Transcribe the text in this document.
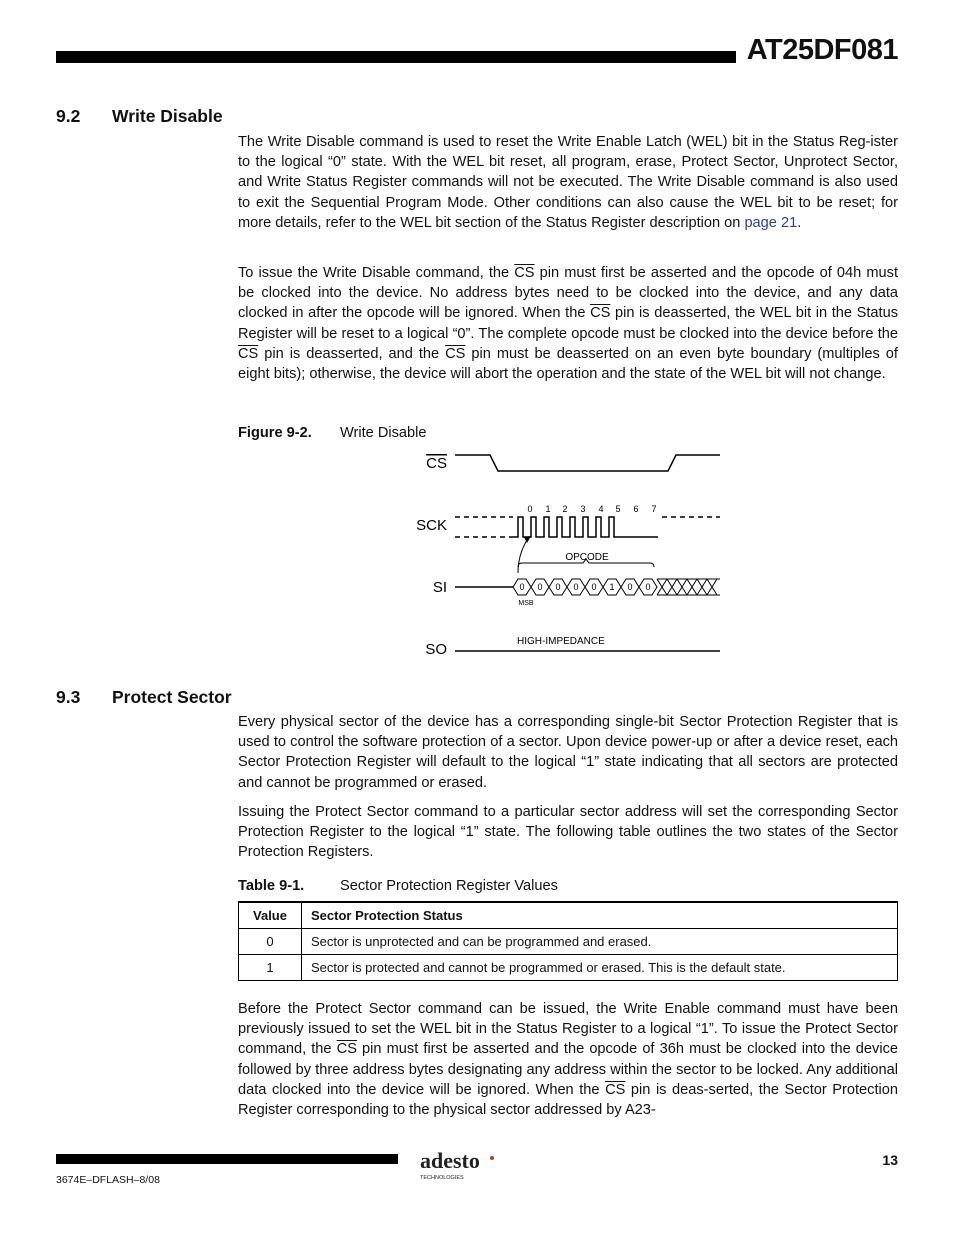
AT25DF081
9.2 Write Disable

The Write Disable command is used to reset the Write Enable Latch (WEL) bit in the Status Reg-ister to the logical “0” state. With the WEL bit reset, all program, erase, Protect Sector, Unprotect Sector, and Write Status Register commands will not be executed. The Write Disable command is also used to exit the Sequential Program Mode. Other conditions can also cause the WEL bit to be reset; for more details, refer to the WEL bit section of the Status Register description on page 21.

To issue the Write Disable command, the $\overline{CS}$ pin must first be asserted and the opcode of 04h must be clocked into the device. No address bytes need to be clocked into the device, and any data clocked in after the opcode will be ignored. When the $\overline{CS}$ pin is deasserted, the WEL bit in the Status Register will be reset to a logical “0”. The complete opcode must be clocked into the device before the $\overline{CS}$ pin is deasserted, and the $\overline{CS}$ pin must be deasserted on an even byte boundary (multiples of eight bits); otherwise, the device will abort the operation and the state of the WEL bit will not change.

Figure 9-2. Write Disable

CS
SCK
SI
SO
0 1 2 3 4 5 6 7
OPCODE
0 0 0 0 0 1 0 0
MSB
HIGH-IMPEDANCE
9.3 Protect Sector

Every physical sector of the device has a corresponding single-bit Sector Protection Register that is used to control the software protection of a sector. Upon device power-up or after a device reset, each Sector Protection Register will default to the logical “1” state indicating that all sectors are protected and cannot be programmed or erased.

Issuing the Protect Sector command to a particular sector address will set the corresponding Sector Protection Register to the logical “1” state. The following table outlines the two states of the Sector Protection Registers.

Table 9-1. Sector Protection Register Values

Value	Sector Protection Status
0	Sector is unprotected and can be programmed and erased.
1	Sector is protected and cannot be programmed or erased. This is the default state.

Before the Protect Sector command can be issued, the Write Enable command must have been previously issued to set the WEL bit in the Status Register to a logical “1”. To issue the Protect Sector command, the $\overline{CS}$ pin must first be asserted and the opcode of 36h must be clocked into the device followed by three address bytes designating any address within the sector to be locked. Any additional data clocked into the device will be ignored. When the $\overline{CS}$ pin is deas-serted, the Sector Protection Register corresponding to the physical sector addressed by A23-

3674E–DFLASH–8/08
adesto
TECHNOLOGIES
13
